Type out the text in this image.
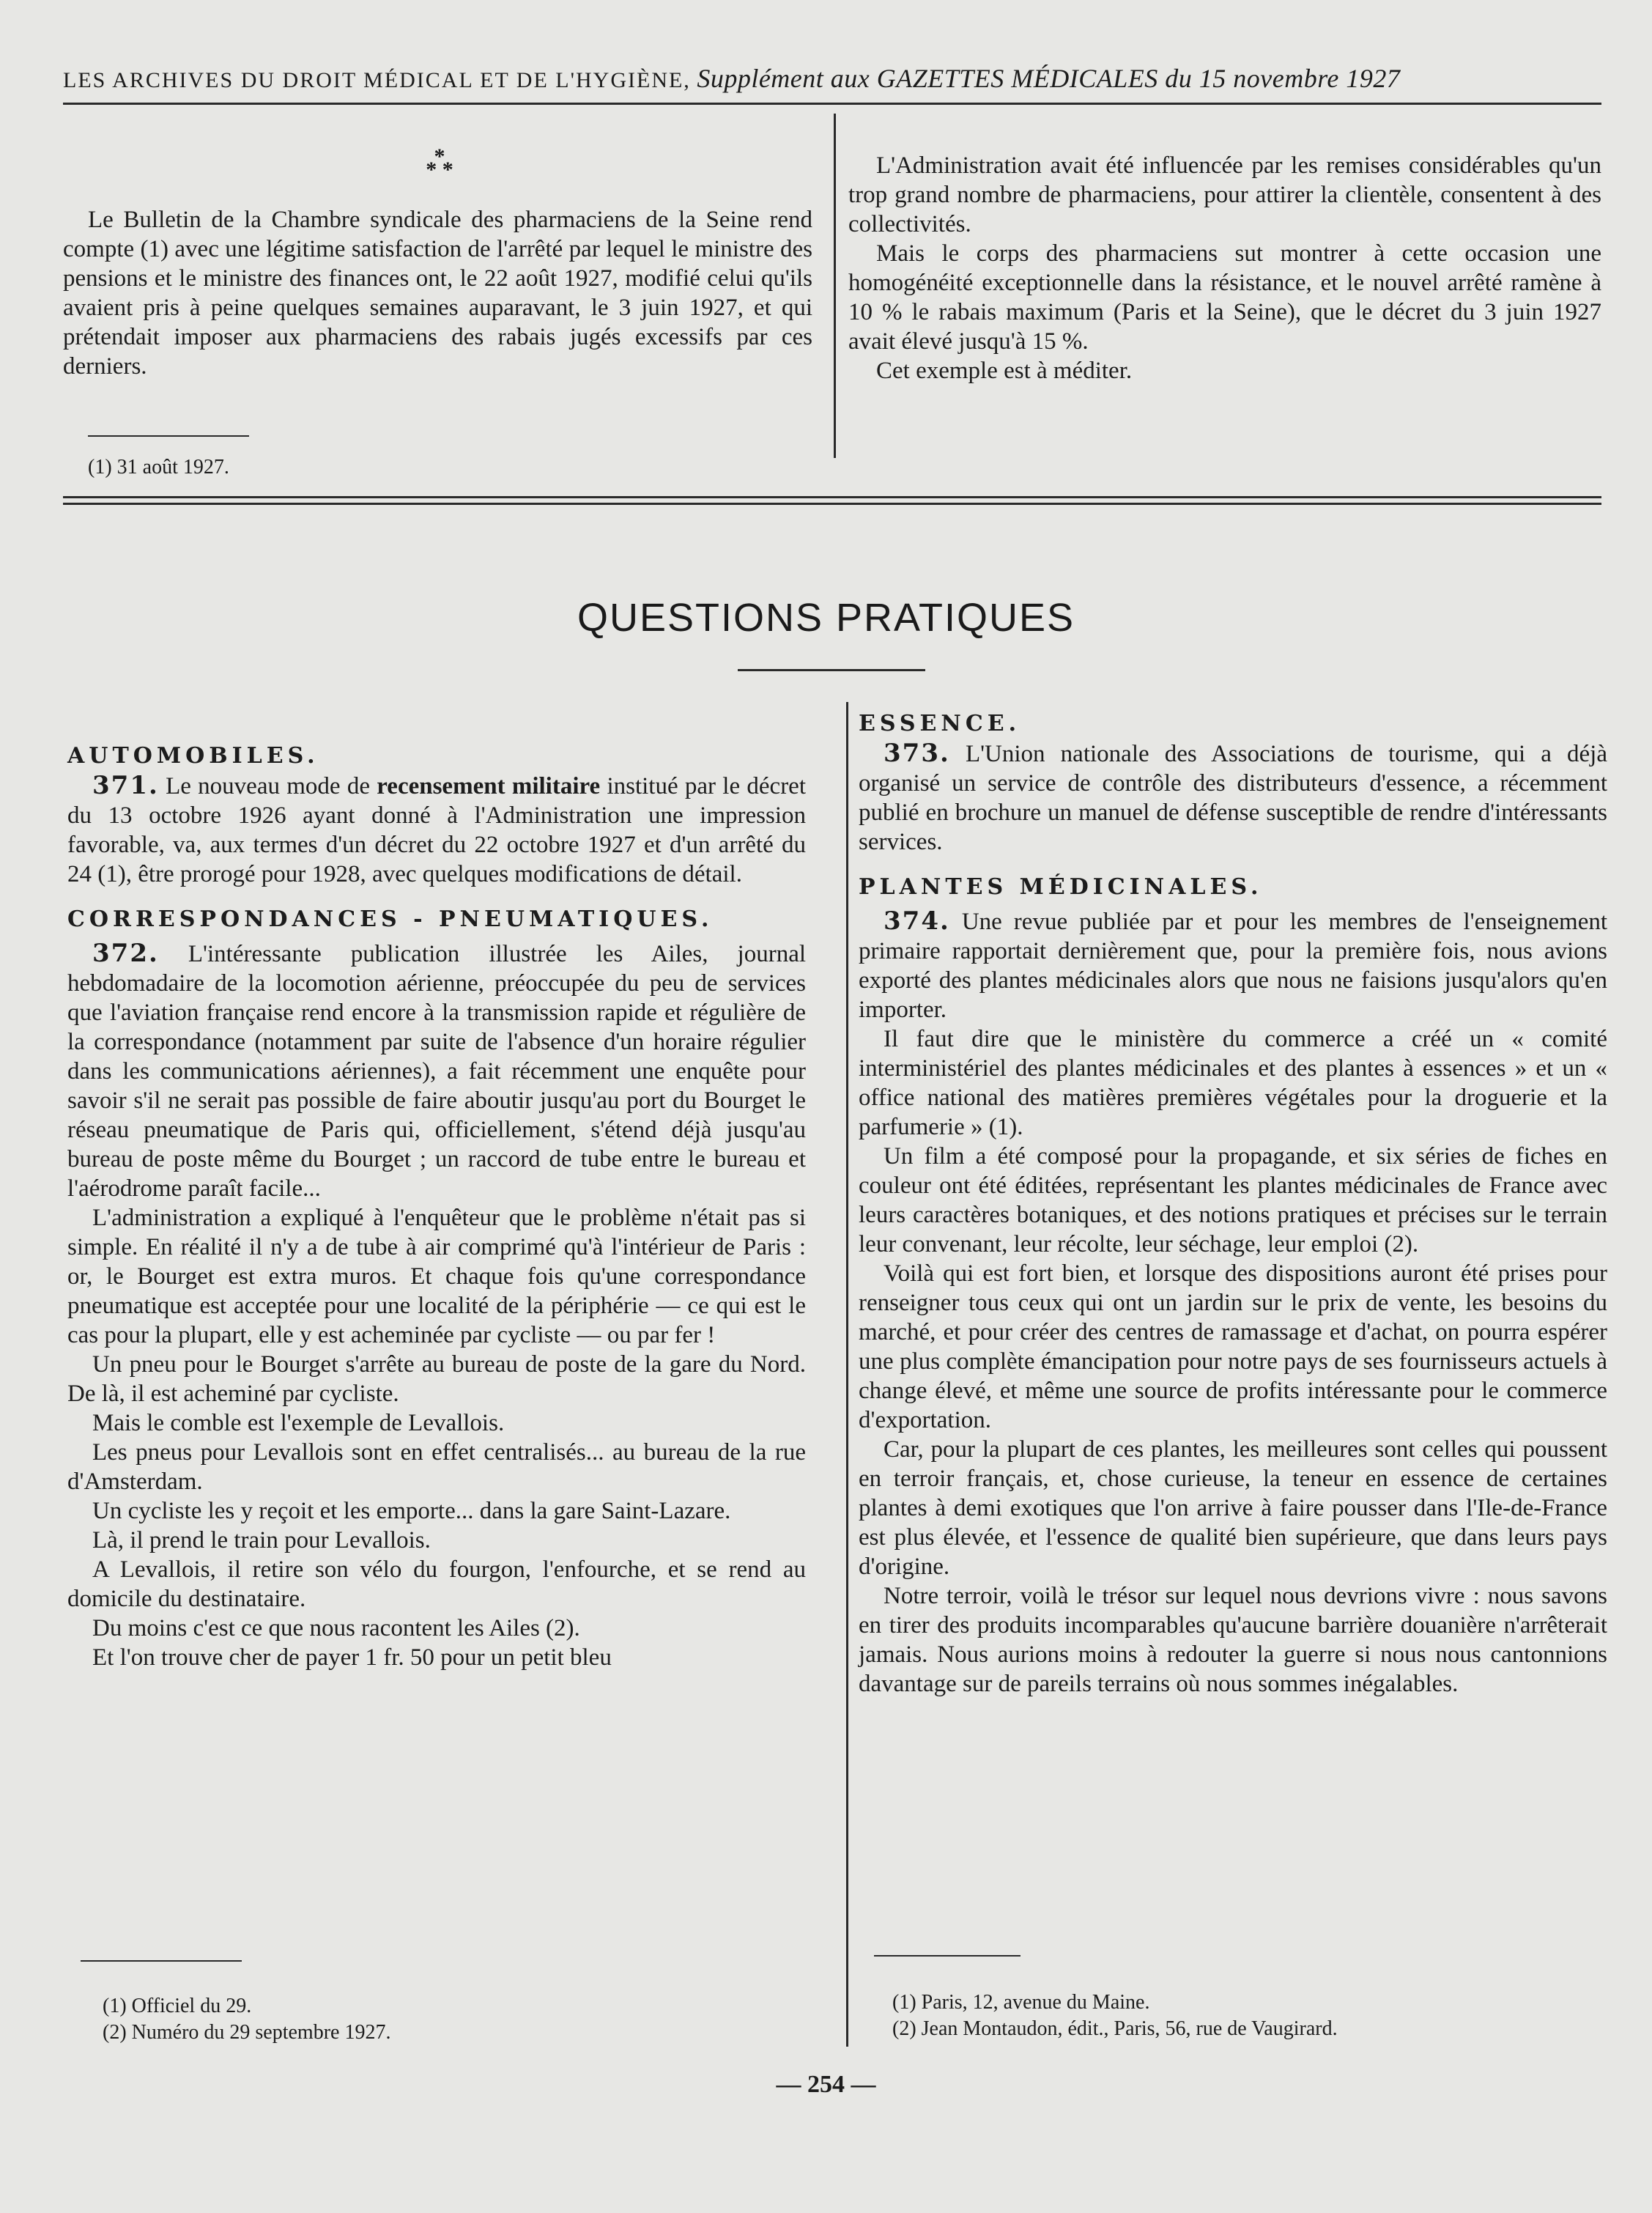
LES ARCHIVES DU DROIT MÉDICAL ET DE L'HYGIÈNE, Supplément aux GAZETTES MÉDICALES du 15 novembre 1927
*
* *

Le Bulletin de la Chambre syndicale des pharmaciens de la Seine rend compte (1) avec une légitime satisfaction de l'arrêté par lequel le ministre des pensions et le ministre des finances ont, le 22 août 1927, modifié celui qu'ils avaient pris à peine quelques semaines auparavant, le 3 juin 1927, et qui prétendait imposer aux pharmaciens des rabais jugés excessifs par ces derniers.

(1) 31 août 1927.

L'Administration avait été influencée par les remises considérables qu'un trop grand nombre de pharmaciens, pour attirer la clientèle, consentent à des collectivités.

Mais le corps des pharmaciens sut montrer à cette occasion une homogénéité exceptionnelle dans la résistance, et le nouvel arrêté ramène à 10 % le rabais maximum (Paris et la Seine), que le décret du 3 juin 1927 avait élevé jusqu'à 15 %.

Cet exemple est à méditer.

QUESTIONS PRATIQUES
AUTOMOBILES.

371. Le nouveau mode de recensement militaire institué par le décret du 13 octobre 1926 ayant donné à l'Administration une impression favorable, va, aux termes d'un décret du 22 octobre 1927 et d'un arrêté du 24 (1), être prorogé pour 1928, avec quelques modifications de détail.

CORRESPONDANCES - PNEUMATIQUES.

372. L'intéressante publication illustrée les Ailes, journal hebdomadaire de la locomotion aérienne, préoccupée du peu de services que l'aviation française rend encore à la transmission rapide et régulière de la correspondance (notamment par suite de l'absence d'un horaire régulier dans les communications aériennes), a fait récemment une enquête pour savoir s'il ne serait pas possible de faire aboutir jusqu'au port du Bourget le réseau pneumatique de Paris qui, officiellement, s'étend déjà jusqu'au bureau de poste même du Bourget ; un raccord de tube entre le bureau et l'aérodrome paraît facile...

L'administration a expliqué à l'enquêteur que le problème n'était pas si simple. En réalité il n'y a de tube à air comprimé qu'à l'intérieur de Paris : or, le Bourget est extra muros. Et chaque fois qu'une correspondance pneumatique est acceptée pour une localité de la périphérie — ce qui est le cas pour la plupart, elle y est acheminée par cycliste — ou par fer !

Un pneu pour le Bourget s'arrête au bureau de poste de la gare du Nord. De là, il est acheminé par cycliste.

Mais le comble est l'exemple de Levallois.

Les pneus pour Levallois sont en effet centralisés... au bureau de la rue d'Amsterdam.

Un cycliste les y reçoit et les emporte... dans la gare Saint-Lazare.

Là, il prend le train pour Levallois.

A Levallois, il retire son vélo du fourgon, l'enfourche, et se rend au domicile du destinataire.

Du moins c'est ce que nous racontent les Ailes (2).

Et l'on trouve cher de payer 1 fr. 50 pour un petit bleu

(1) Officiel du 29.
(2) Numéro du 29 septembre 1927.
ESSENCE.

373. L'Union nationale des Associations de tourisme, qui a déjà organisé un service de contrôle des distributeurs d'essence, a récemment publié en brochure un manuel de défense susceptible de rendre d'intéressants services.

PLANTES MÉDICINALES.

374. Une revue publiée par et pour les membres de l'enseignement primaire rapportait dernièrement que, pour la première fois, nous avions exporté des plantes médicinales alors que nous ne faisions jusqu'alors qu'en importer.

Il faut dire que le ministère du commerce a créé un « comité interministériel des plantes médicinales et des plantes à essences » et un « office national des matières premières végétales pour la droguerie et la parfumerie » (1).

Un film a été composé pour la propagande, et six séries de fiches en couleur ont été éditées, représentant les plantes médicinales de France avec leurs caractères botaniques, et des notions pratiques et précises sur le terrain leur convenant, leur récolte, leur séchage, leur emploi (2).

Voilà qui est fort bien, et lorsque des dispositions auront été prises pour renseigner tous ceux qui ont un jardin sur le prix de vente, les besoins du marché, et pour créer des centres de ramassage et d'achat, on pourra espérer une plus complète émancipation pour notre pays de ses fournisseurs actuels à change élevé, et même une source de profits intéressante pour le commerce d'exportation.

Car, pour la plupart de ces plantes, les meilleures sont celles qui poussent en terroir français, et, chose curieuse, la teneur en essence de certaines plantes à demi exotiques que l'on arrive à faire pousser dans l'Ile-de-France est plus élevée, et l'essence de qualité bien supérieure, que dans leurs pays d'origine.

Notre terroir, voilà le trésor sur lequel nous devrions vivre : nous savons en tirer des produits incomparables qu'aucune barrière douanière n'arrêterait jamais. Nous aurions moins à redouter la guerre si nous nous cantonnions davantage sur de pareils terrains où nous sommes inégalables.

(1) Paris, 12, avenue du Maine.
(2) Jean Montaudon, édit., Paris, 56, rue de Vaugirard.
— 254 —
